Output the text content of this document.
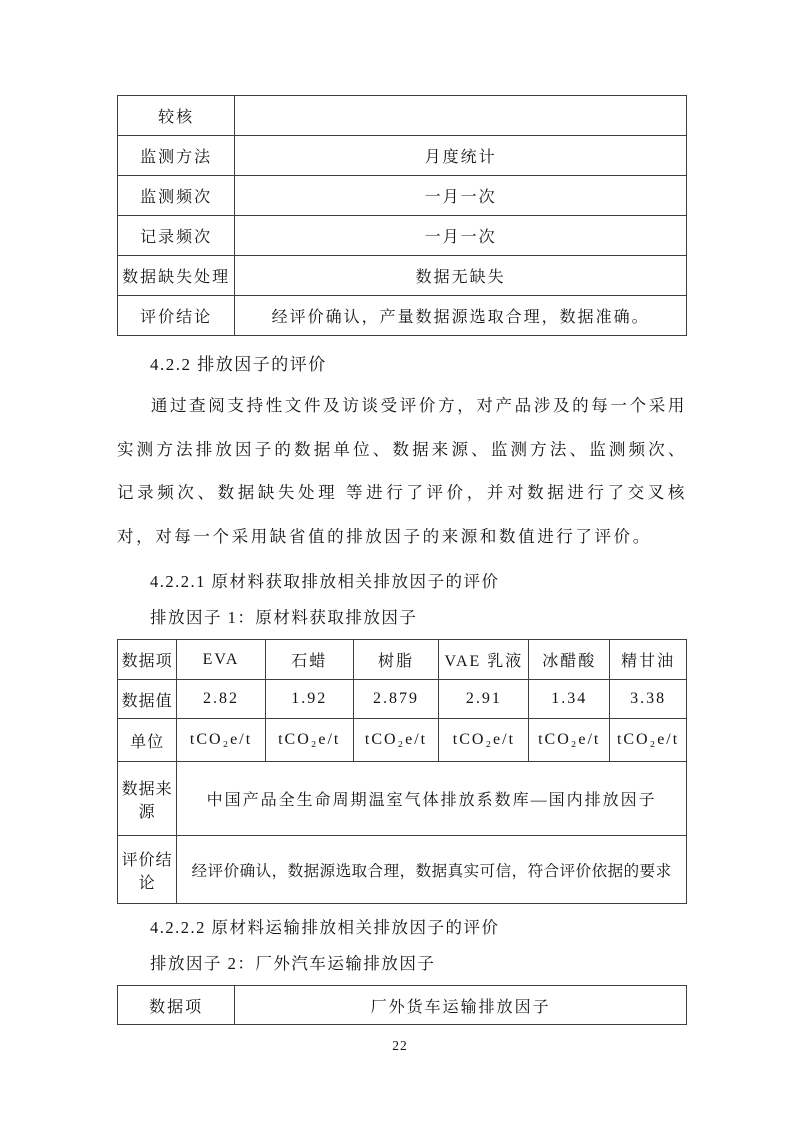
较核	
监测方法	月度统计
监测频次	一月一次
记录频次	一月一次
数据缺失处理	数据无缺失
评价结论	经评价确认，产量数据源选取合理，数据准确。
4.2.2 排放因子的评价

通过查阅支持性文件及访谈受评价方，对产品涉及的每一个采用实测方法排放因子的数据单位、数据来源、监测方法、监测频次、记录频次、数据缺失处理 等进行了评价，并对数据进行了交叉核对，对每一个采用缺省值的排放因子的来源和数值进行了评价。

4.2.2.1 原材料获取排放相关排放因子的评价

排放因子 1：原材料获取排放因子

数据项	EVA	石蜡	树脂	VAE 乳液	冰醋酸	精甘油
数据值	2.82	1.92	2.879	2.91	1.34	3.38
单位	tCO₂e/t	tCO₂e/t	tCO₂e/t	tCO₂e/t	tCO₂e/t	tCO₂e/t
数据来源	中国产品全生命周期温室气体排放系数库—国内排放因子					
评价结论	经评价确认，数据源选取合理，数据真实可信，符合评价依据的要求					
4.2.2.2 原材料运输排放相关排放因子的评价

排放因子 2：厂外汽车运输排放因子

数据项	厂外货车运输排放因子
22
